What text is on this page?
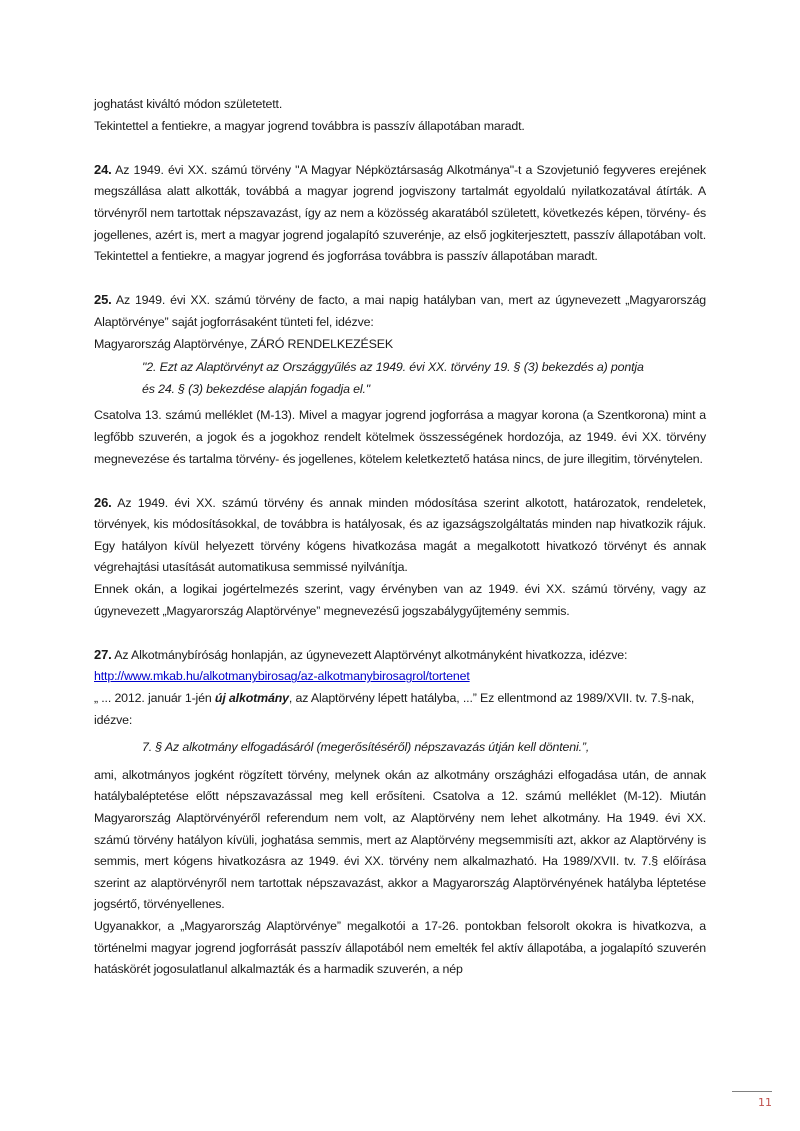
joghatást kiváltó módon születetett.

Tekintettel a fentiekre, a magyar jogrend továbbra is passzív állapotában maradt.

24. Az 1949. évi XX. számú törvény "A Magyar Népköztársaság Alkotmánya"-t a Szovjetunió fegyveres erejének megszállása alatt alkották, továbbá a magyar jogrend jogviszony tartalmát egyoldalú nyilatkozatával átírták. A törvényről nem tartottak népszavazást, így az nem a közösség akaratából született, következés képen, törvény- és jogellenes, azért is, mert a magyar jogrend jogalapító szuverénje, az első jogkiterjesztett, passzív állapotában volt. Tekintettel a fentiekre, a magyar jogrend és jogforrása továbbra is passzív állapotában maradt.

25. Az 1949. évi XX. számú törvény de facto, a mai napig hatályban van, mert az úgynevezett „Magyarország Alaptörvénye” saját jogforrásaként tünteti fel, idézve:

Magyarország Alaptörvénye, ZÁRÓ RENDELKEZÉSEK

"2. Ezt az Alaptörvényt az Országgyűlés az 1949. évi XX. törvény 19. § (3) bekezdés a) pontja
és 24. § (3) bekezdése alapján fogadja el."

Csatolva 13. számú melléklet (M-13). Mivel a magyar jogrend jogforrása a magyar korona (a Szentkorona) mint a legfőbb szuverén, a jogok és a jogokhoz rendelt kötelmek összességének hordozója, az 1949. évi XX. törvény megnevezése és tartalma törvény- és jogellenes, kötelem keletkeztető hatása nincs, de jure illegitim, törvénytelen.

26. Az 1949. évi XX. számú törvény és annak minden módosítása szerint alkotott, határozatok, rendeletek, törvények, kis módosításokkal, de továbbra is hatályosak, és az igazságszolgáltatás minden nap hivatkozik rájuk. Egy hatályon kívül helyezett törvény kógens hivatkozása magát a megalkotott hivatkozó törvényt és annak végrehajtási utasítását automatikusa semmissé nyilvánítja.

Ennek okán, a logikai jogértelmezés szerint, vagy érvényben van az 1949. évi XX. számú törvény, vagy az úgynevezett „Magyarország Alaptörvénye” megnevezésű jogszabálygyűjtemény semmis.

27. Az Alkotmánybíróság honlapján, az úgynevezett Alaptörvényt alkotmányként hivatkozza, idézve:

http://www.mkab.hu/alkotmanybirosag/az-alkotmanybirosagrol/tortenet

„ ... 2012. január 1-jén új alkotmány, az Alaptörvény lépett hatályba, ...” Ez ellentmond az 1989/XVII. tv. 7.§-nak, idézve:

7. § Az alkotmány elfogadásáról (megerősítéséről) népszavazás útján kell dönteni.”,

ami, alkotmányos jogként rögzített törvény, melynek okán az alkotmány országházi elfogadása után, de annak hatálybaléptetése előtt népszavazással meg kell erősíteni. Csatolva a 12. számú melléklet (M-12). Miután Magyarország Alaptörvényéről referendum nem volt, az Alaptörvény nem lehet alkotmány. Ha 1949. évi XX. számú törvény hatályon kívüli, joghatása semmis, mert az Alaptörvény megsemmisíti azt, akkor az Alaptörvény is semmis, mert kógens hivatkozásra az 1949. évi XX. törvény nem alkalmazható. Ha 1989/XVII. tv. 7.§ előírása szerint az alaptörvényről nem tartottak népszavazást, akkor a Magyarország Alaptörvényének hatályba léptetése jogsértő, törvényellenes.

Ugyanakkor, a „Magyarország Alaptörvénye” megalkotói a 17-26. pontokban felsorolt okokra is hivatkozva, a történelmi magyar jogrend jogforrását passzív állapotából nem emelték fel aktív állapotába, a jogalapító szuverén hatáskörét jogosulatlanul alkalmazták és a harmadik szuverén, a nép

11
